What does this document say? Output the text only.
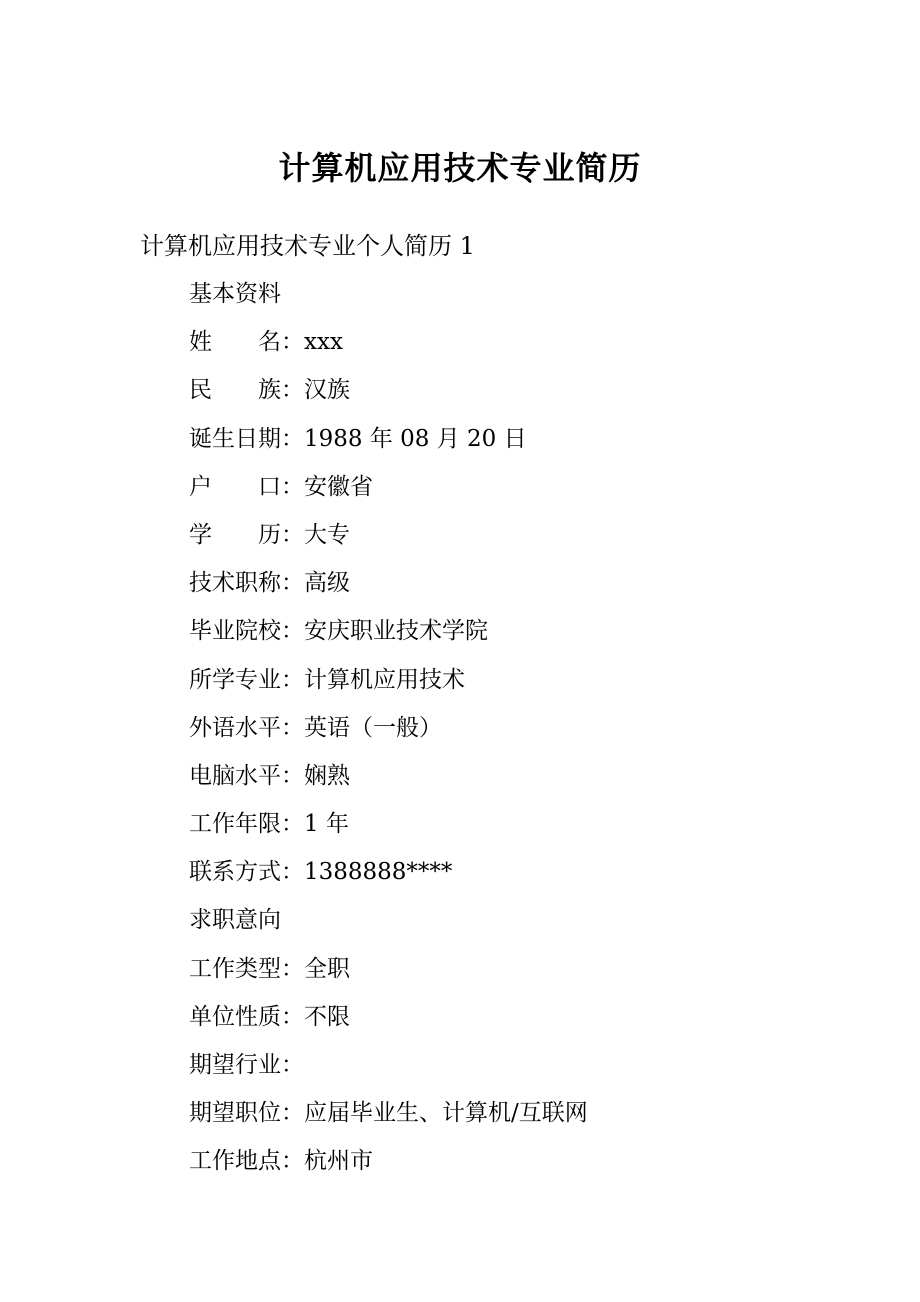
计算机应用技术专业简历
计算机应用技术专业个人简历 1
基本资料
姓　　名：xxx
民　　族：汉族
诞生日期：1988 年 08 月 20 日
户　　口：安徽省
学　　历：大专
技术职称：高级
毕业院校：安庆职业技术学院
所学专业：计算机应用技术
外语水平：英语（一般）
电脑水平：娴熟
工作年限：1 年
联系方式：1388888****
求职意向
工作类型：全职
单位性质：不限
期望行业：
期望职位：应届毕业生、计算机/互联网
工作地点：杭州市
